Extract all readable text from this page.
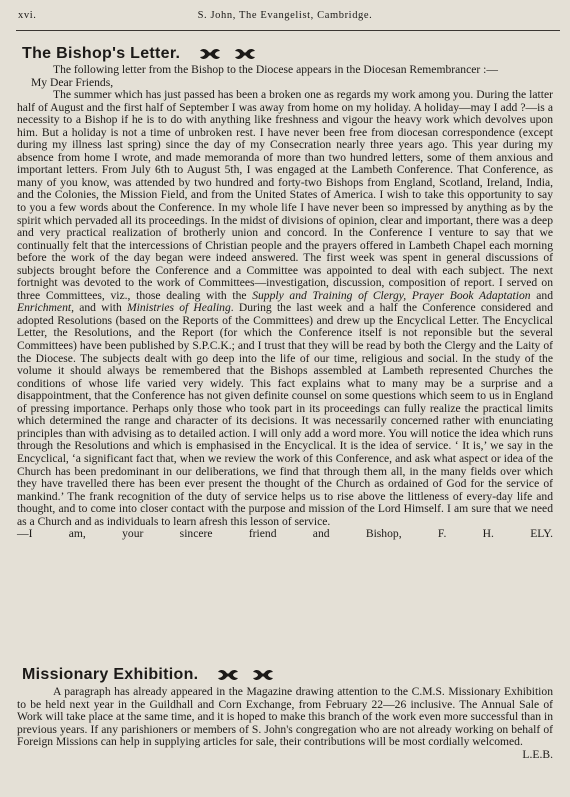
xvi.	S. John, The Evangelist, Cambridge.
The Bishop's Letter.

The following letter from the Bishop to the Diocese appears in the Diocesan Remembrancer :—

My Dear Friends,

The summer which has just passed has been a broken one as regards my work among you. During the latter half of August and the first half of September I was away from home on my holiday. A holiday—may I add ?—is a necessity to a Bishop if he is to do with anything like freshness and vigour the heavy work which devolves upon him. But a holiday is not a time of unbroken rest. I have never been free from diocesan correspondence (except during my illness last spring) since the day of my Consecration nearly three years ago. This year during my absence from home I wrote, and made memoranda of more than two hundred letters, some of them anxious and important letters. From July 6th to August 5th, I was engaged at the Lambeth Conference. That Conference, as many of you know, was attended by two hundred and forty-two Bishops from England, Scotland, Ireland, India, and the Colonies, the Mission Field, and from the United States of America. I wish to take this opportunity to say to you a few words about the Conference. In my whole life I have never been so impressed by anything as by the spirit which pervaded all its proceedings. In the midst of divisions of opinion, clear and important, there was a deep and very practical realization of brotherly union and concord. In the Conference I venture to say that we continually felt that the intercessions of Christian people and the prayers offered in Lambeth Chapel each morning before the work of the day began were indeed answered. The first week was spent in general discussions of subjects brought before the Conference and a Committee was appointed to deal with each subject. The next fortnight was devoted to the work of Committees—investigation, discussion, composition of report. I served on three Committees, viz., those dealing with the Supply and Training of Clergy, Prayer Book Adaptation and Enrichment, and with Ministries of Healing. During the last week and a half the Conference considered and adopted Resolutions (based on the Reports of the Committees) and drew up the Encyclical Letter. The Encyclical Letter, the Resolutions, and the Report (for which the Conference itself is not reponsible but the several Committees) have been published by S.P.C.K.; and I trust that they will be read by both the Clergy and the Laity of the Diocese. The subjects dealt with go deep into the life of our time, religious and social. In the study of the volume it should always be remembered that the Bishops assembled at Lambeth represented Churches the conditions of whose life varied very widely. This fact explains what to many may be a surprise and a disappointment, that the Conference has not given definite counsel on some questions which seem to us in England of pressing importance. Perhaps only those who took part in its proceedings can fully realize the practical limits which determined the range and character of its decisions. It was necessarily concerned rather with enunciating principles than with advising as to detailed action. I will only add a word more. You will notice the idea which runs through the Resolutions and which is emphasised in the Encyclical. It is the idea of service. ‘ It is,’ we say in the Encyclical, ‘a significant fact that, when we review the work of this Conference, and ask what aspect or idea of the Church has been predominant in our deliberations, we find that through them all, in the many fields over which they have travelled there has been ever present the thought of the Church as ordained of God for the service of mankind.’ The frank recognition of the duty of service helps us to rise above the littleness of every-day life and thought, and to come into closer contact with the purpose and mission of the Lord Himself. I am sure that we need as a Church and as individuals to learn afresh this lesson of service.

—I am, your sincere friend and Bishop,	F. H. ELY.

Missionary Exhibition.

A paragraph has already appeared in the Magazine drawing attention to the C.M.S. Missionary Exhibition to be held next year in the Guildhall and Corn Exchange, from February 22—26 inclusive. The Annual Sale of Work will take place at the same time, and it is hoped to make this branch of the work even more successful than in previous years. If any parishioners or members of S. John's congregation who are not already working on behalf of Foreign Missions can help in supplying articles for sale, their contributions will be most cordially welcomed.

L.E.B.
